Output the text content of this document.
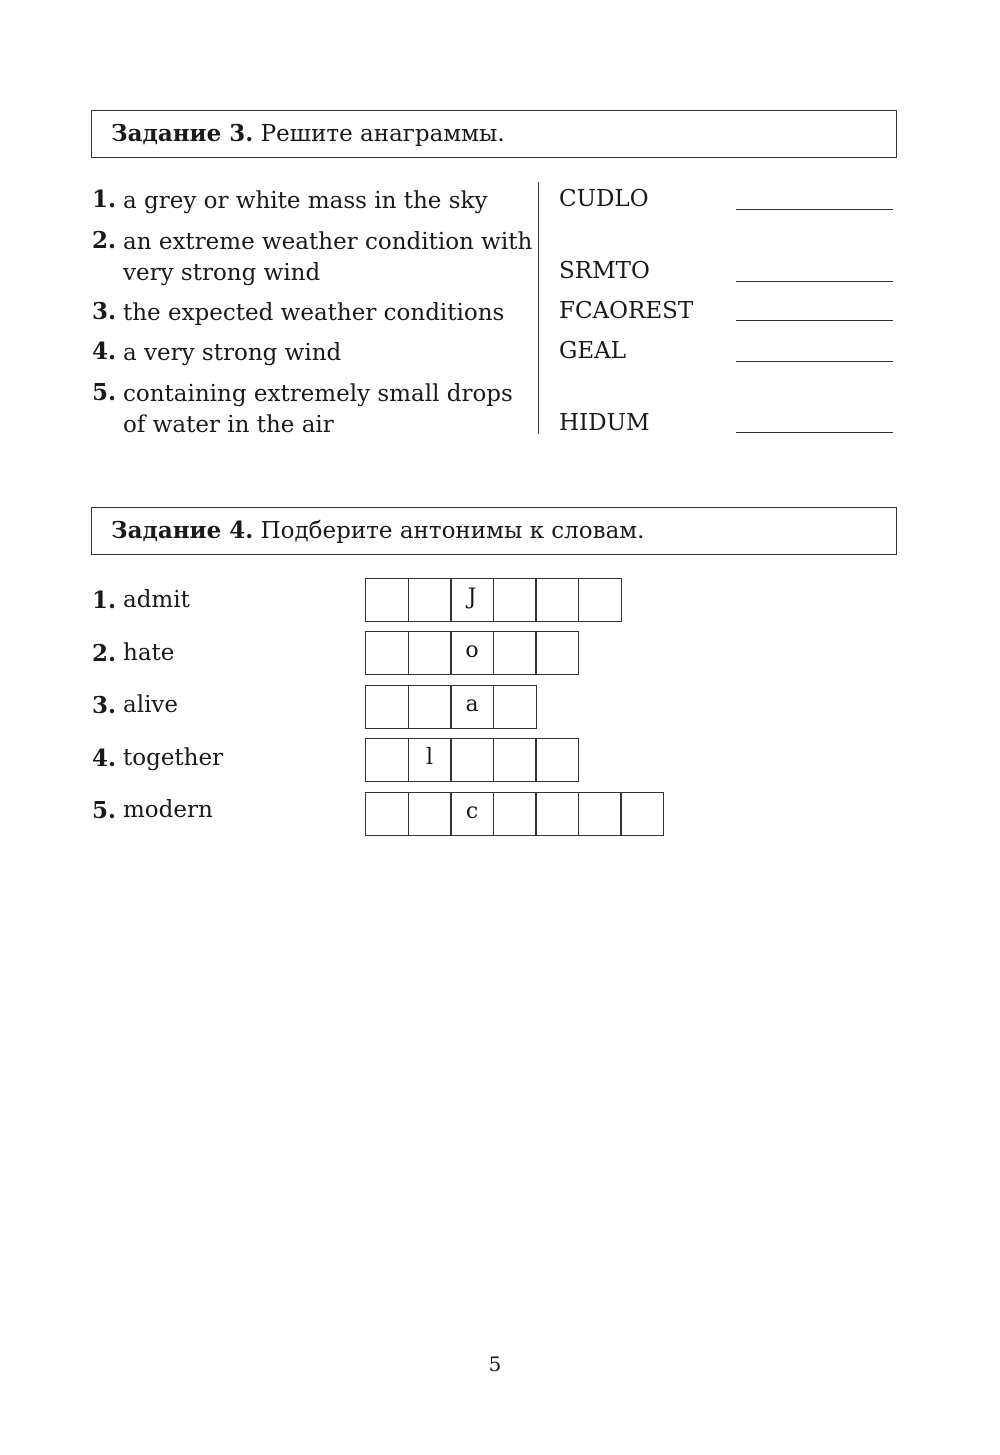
Задание 3. Решите анаграммы.
1. a grey or white mass in the sky	CUDLO
2. an extreme weather condition with very strong wind	SRMTO
3. the expected weather conditions	FCAOREST
4. a very strong wind	GEAL
5. containing extremely small drops of water in the air	HIDUM
Задание 4. Подберите антонимы к словам.
1. admit	J
2. hate	o
3. alive	a
4. together	l
5. modern	c
5
